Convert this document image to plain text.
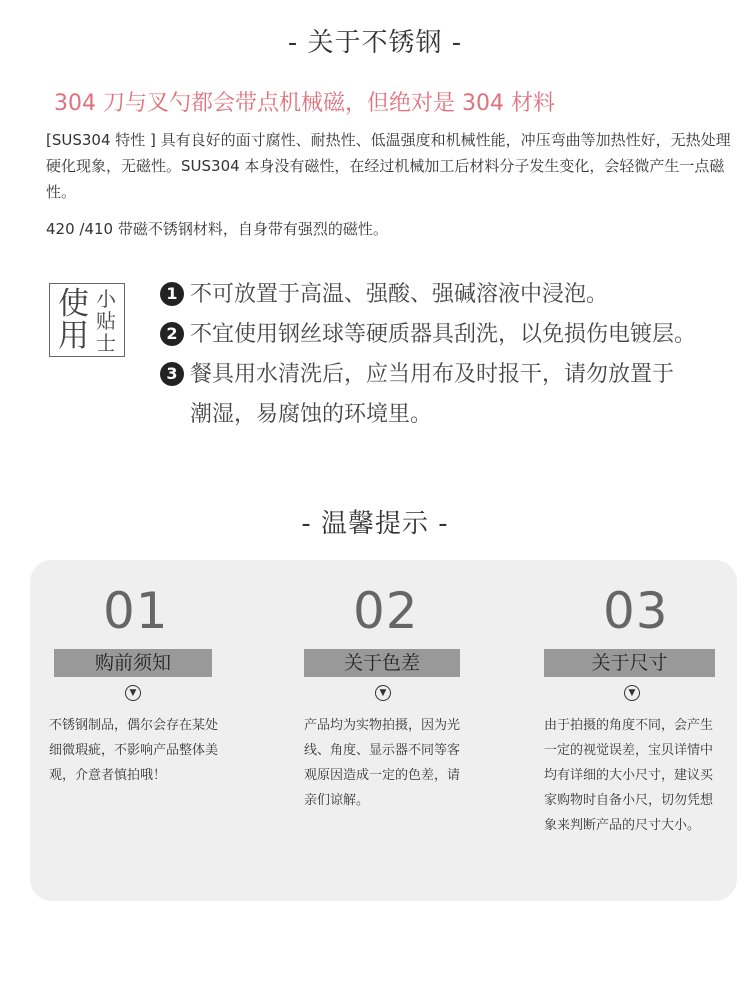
- 关于不锈钢 -
304 刀与叉勺都会带点机械磁，但绝对是 304 材料
[SUS304 特性 ] 具有良好的面寸腐性、耐热性、低温强度和机械性能，冲压弯曲等加热性好，无热处理硬化现象，无磁性。SUS304 本身没有磁性，在经过机械加工后材料分子发生变化，会轻微产生一点磁性。
420 /410 带磁不锈钢材料，自身带有强烈的磁性。
使用
小贴士
1 不可放置于高温、强酸、强碱溶液中浸泡。
2 不宜使用钢丝球等硬质器具刮洗，以免损伤电镀层。
3 餐具用水清洗后，应当用布及时报干，请勿放置于
潮湿，易腐蚀的环境里。
- 温馨提示 -
01
购前须知
▼
不锈钢制品，偶尔会存在某处细微瑕疵，不影响产品整体美观，介意者慎拍哦！
02
关于色差
▼
产品均为实物拍摄，因为光线、角度、显示器不同等客观原因造成一定的色差，请亲们谅解。
03
关于尺寸
▼
由于拍摄的角度不同，会产生一定的视觉误差，宝贝详情中均有详细的大小尺寸，建议买家购物时自备小尺，切勿凭想象来判断产品的尺寸大小。
